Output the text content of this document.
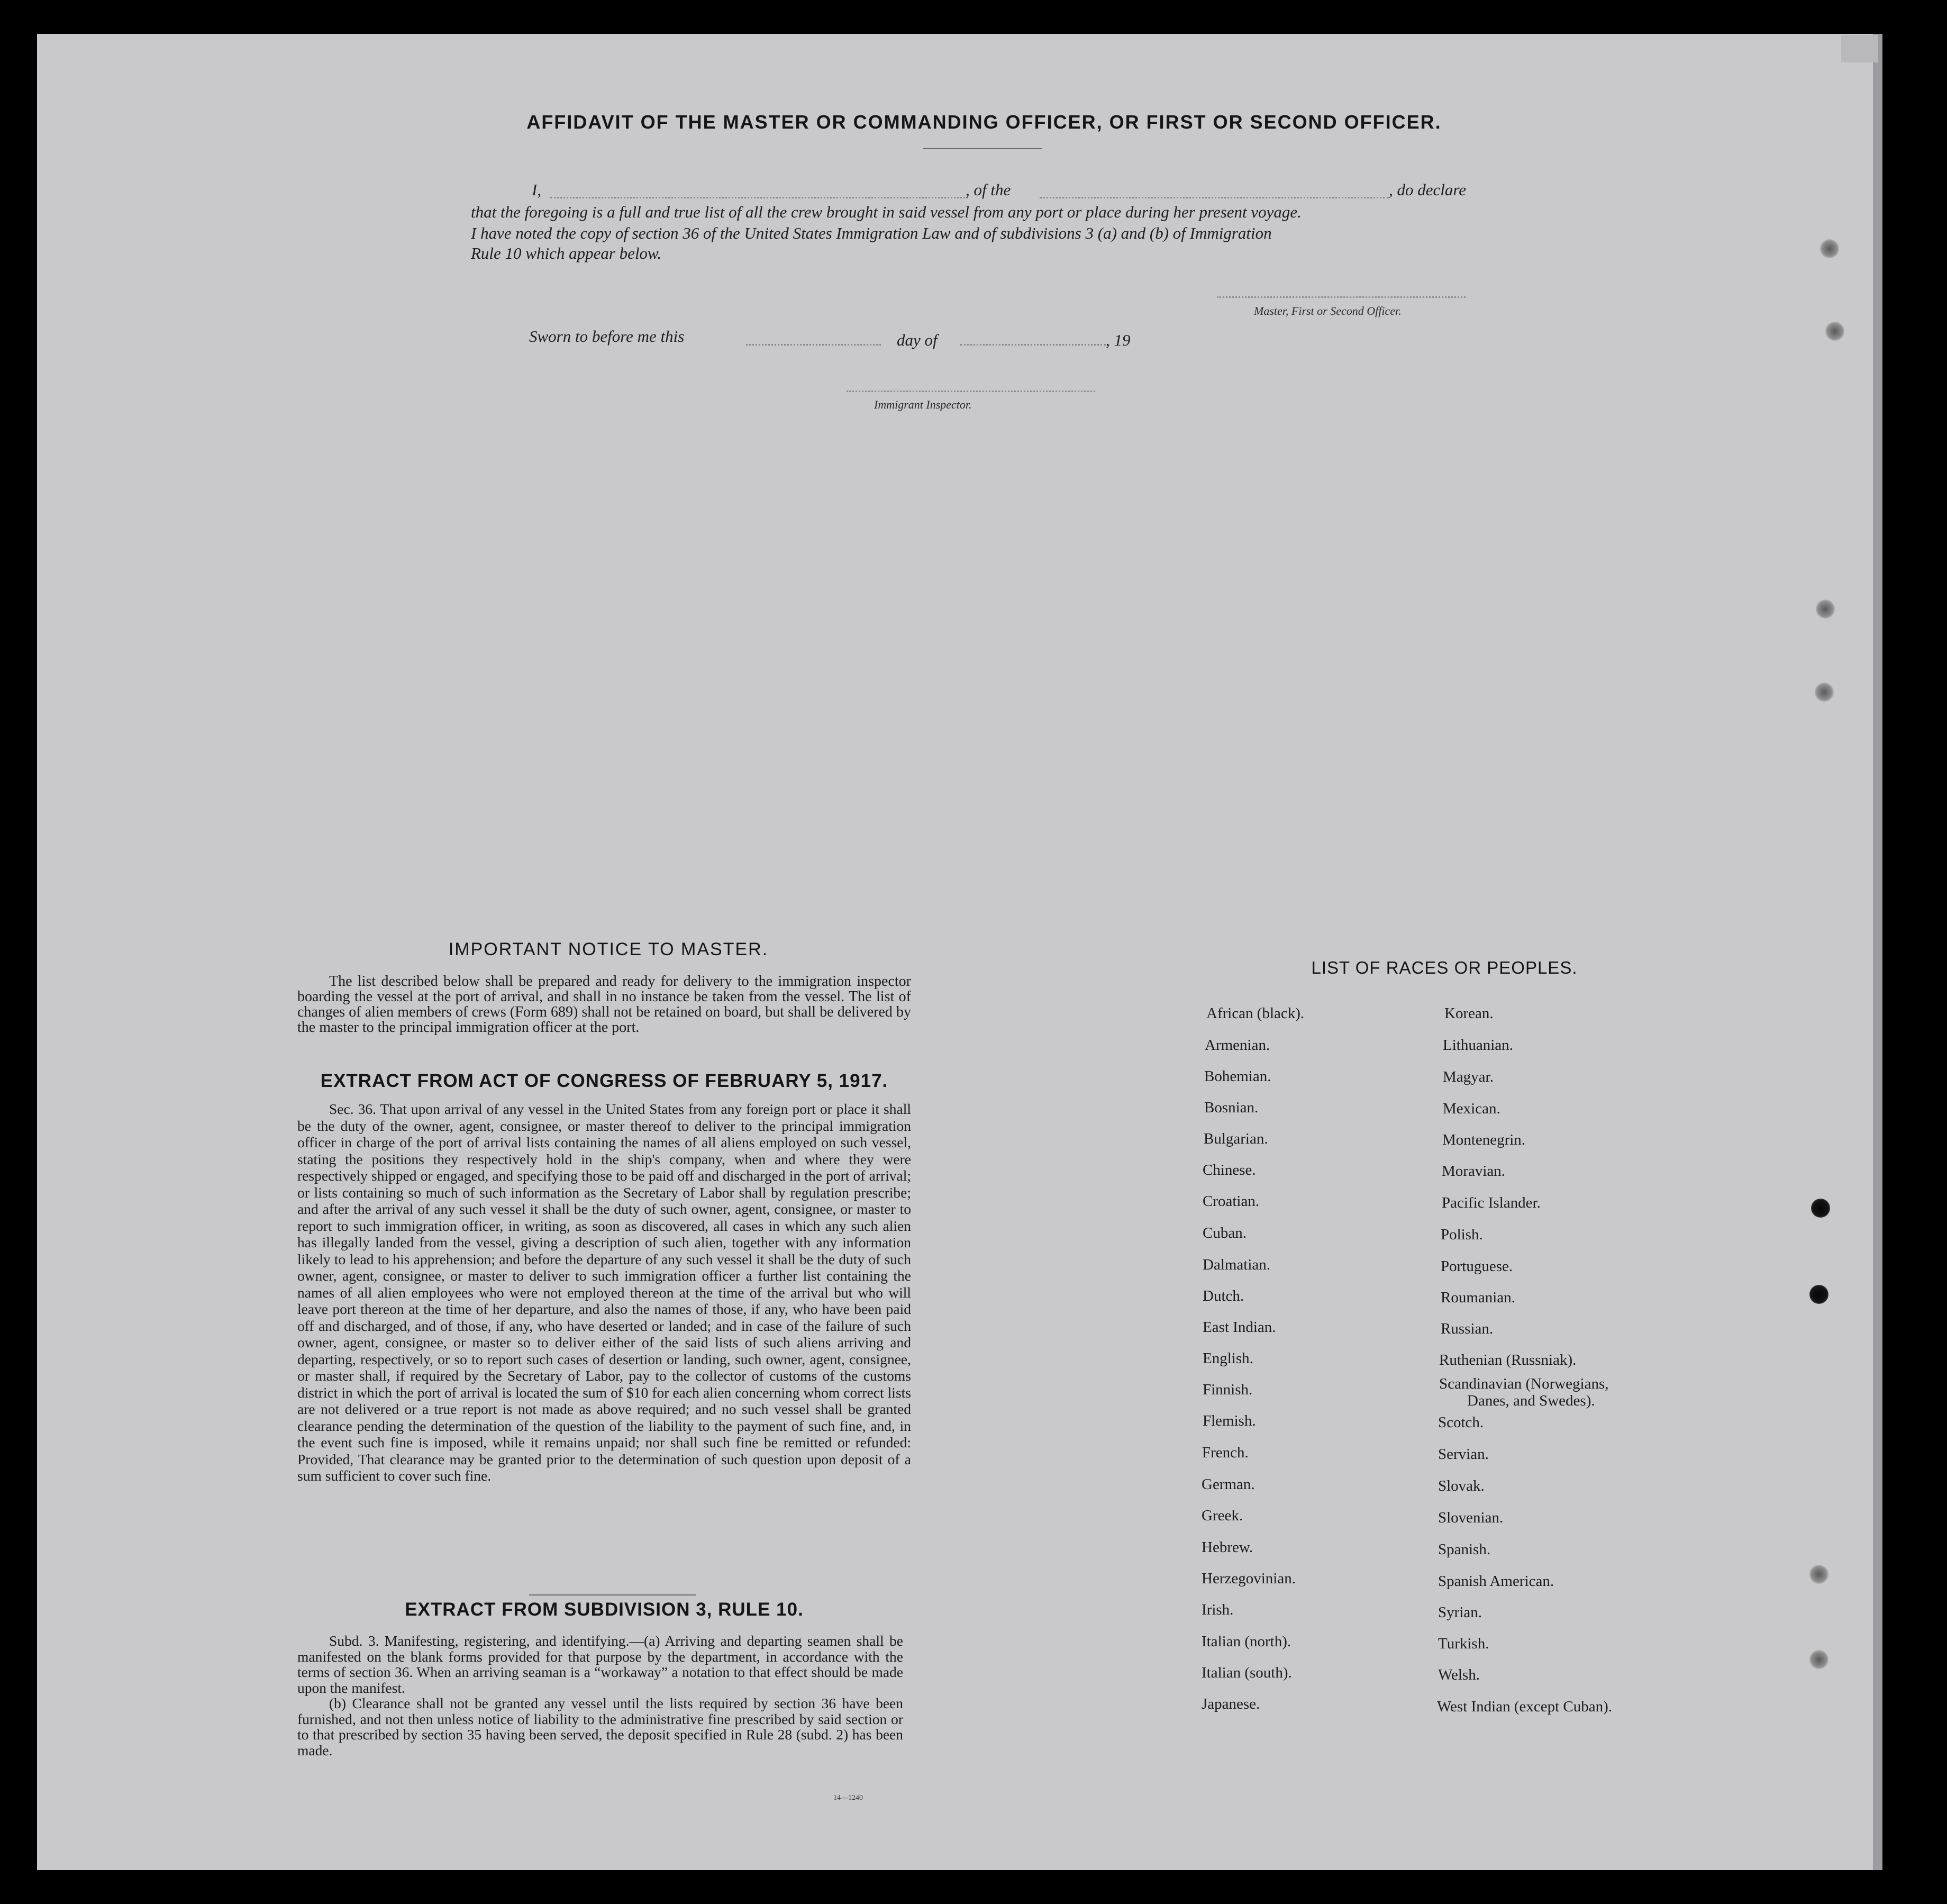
AFFIDAVIT OF THE MASTER OR COMMANDING OFFICER, OR FIRST OR SECOND OFFICER.
I,	, of the	, do declare
that the foregoing is a full and true list of all the crew brought in said vessel from any port or place during her present voyage.
I have noted the copy of section 36 of the United States Immigration Law and of subdivisions 3 (a) and (b) of Immigration
Rule 10 which appear below.
Master, First or Second Officer.
Sworn to before me this	day of	, 19
Immigrant Inspector.
IMPORTANT NOTICE TO MASTER.
The list described below shall be prepared and ready for delivery to the immigration inspector boarding the vessel at the port of arrival, and shall in no instance be taken from the vessel. The list of changes of alien members of crews (Form 689) shall not be retained on board, but shall be delivered by the master to the principal immigration officer at the port.
EXTRACT FROM ACT OF CONGRESS OF FEBRUARY 5, 1917.
Sec. 36. That upon arrival of any vessel in the United States from any foreign port or place it shall be the duty of the owner, agent, consignee, or master thereof to deliver to the principal immigration officer in charge of the port of arrival lists containing the names of all aliens employed on such vessel, stating the positions they respectively hold in the ship's company, when and where they were respectively shipped or engaged, and specifying those to be paid off and discharged in the port of arrival; or lists containing so much of such information as the Secretary of Labor shall by regulation prescribe; and after the arrival of any such vessel it shall be the duty of such owner, agent, consignee, or master to report to such immigration officer, in writing, as soon as discovered, all cases in which any such alien has illegally landed from the vessel, giving a description of such alien, together with any information likely to lead to his apprehension; and before the departure of any such vessel it shall be the duty of such owner, agent, consignee, or master to deliver to such immigration officer a further list containing the names of all alien employees who were not employed thereon at the time of the arrival but who will leave port thereon at the time of her departure, and also the names of those, if any, who have been paid off and discharged, and of those, if any, who have deserted or landed; and in case of the failure of such owner, agent, consignee, or master so to deliver either of the said lists of such aliens arriving and departing, respectively, or so to report such cases of desertion or landing, such owner, agent, consignee, or master shall, if required by the Secretary of Labor, pay to the collector of customs of the customs district in which the port of arrival is located the sum of $10 for each alien concerning whom correct lists are not delivered or a true report is not made as above required; and no such vessel shall be granted clearance pending the determination of the question of the liability to the payment of such fine, and, in the event such fine is imposed, while it remains unpaid; nor shall such fine be remitted or refunded: Provided, That clearance may be granted prior to the determination of such question upon deposit of a sum sufficient to cover such fine.
EXTRACT FROM SUBDIVISION 3, RULE 10.

Subd. 3. Manifesting, registering, and identifying.—(a) Arriving and departing seamen shall be manifested on the blank forms provided for that purpose by the department, in accordance with the terms of section 36. When an arriving seaman is a “workaway” a notation to that effect should be made upon the manifest.

(b) Clearance shall not be granted any vessel until the lists required by section 36 have been furnished, and not then unless notice of liability to the administrative fine prescribed by said section or to that prescribed by section 35 having been served, the deposit specified in Rule 28 (subd. 2) has been made.

14—1240
LIST OF RACES OR PEOPLES.
African (black).
Armenian.
Bohemian.
Bosnian.
Bulgarian.
Chinese.
Croatian.
Cuban.
Dalmatian.
Dutch.
East Indian.
English.
Finnish.
Flemish.
French.
German.
Greek.
Hebrew.
Herzegovinian.
Irish.
Italian (north).
Italian (south).
Japanese.
Korean.
Lithuanian.
Magyar.
Mexican.
Montenegrin.
Moravian.
Pacific Islander.
Polish.
Portuguese.
Roumanian.
Russian.
Ruthenian (Russniak).
Scandinavian (Norwegians,
Danes, and Swedes).
Scotch.
Servian.
Slovak.
Slovenian.
Spanish.
Spanish American.
Syrian.
Turkish.
Welsh.
West Indian (except Cuban).
